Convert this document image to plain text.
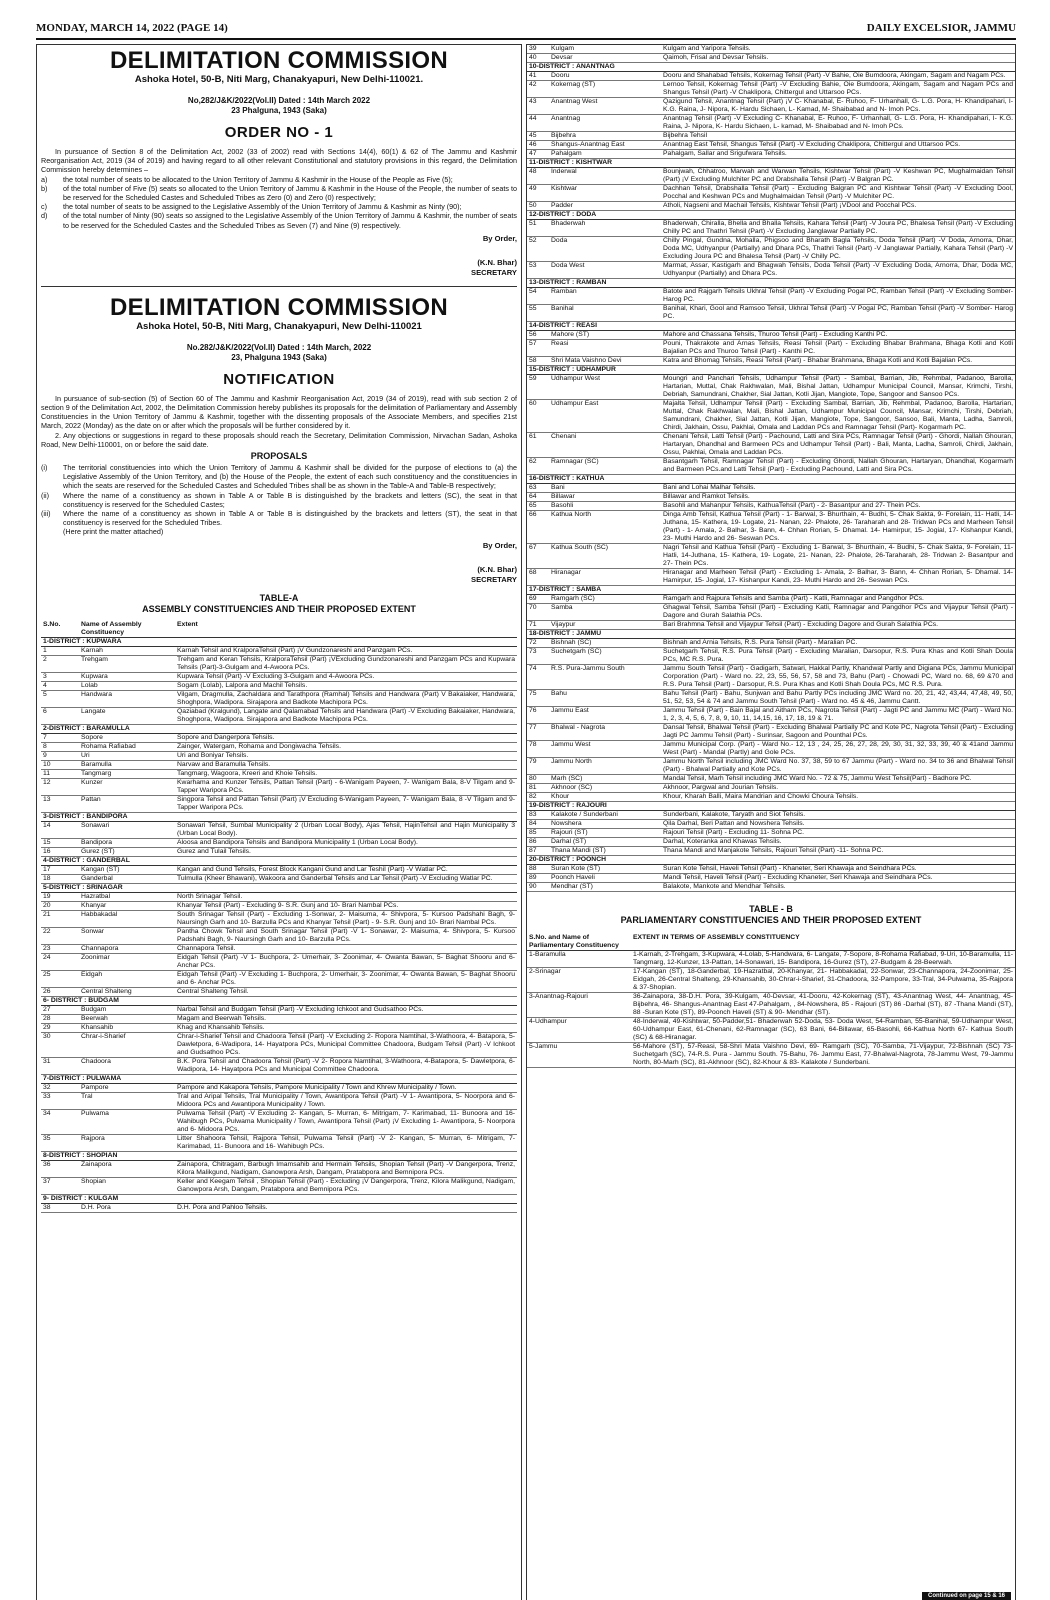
MONDAY, MARCH 14, 2022 (PAGE 14)	DAILY EXCELSIOR, JAMMU
DELIMITATION COMMISSION
Ashoka Hotel, 50-B, Niti Marg, Chanakyapuri, New Delhi-110021.
No,282/J&K/2022(Vol.II) Dated : 14th March 2022
23 Phalguna, 1943 (Saka)
ORDER NO - 1
In pursuance of Section 8 of the Delimitation Act, 2002 (33 of 2002) read with Sections 14(4), 60(1) & 62 of The Jammu and Kashmir Reorganisation Act, 2019 (34 of 2019) and having regard to all other relevant Constitutional and statutory provisions in this regard, the Delimitation Commission hereby determines –
a)	the total number of seats to be allocated to the Union Territory of Jammu & Kashmir in the House of the People as Five (5);
b)	of the total number of Five (5) seats so allocated to the Union Territory of Jammu & Kashmir in the House of the People, the number of seats to be reserved for the Scheduled Castes and Scheduled Tribes as Zero (0) and Zero (0) respectively;
c)	the total number of seats to be assigned to the Legislative Assembly of the Union Territory of Jammu & Kashmir as Ninty (90);
d)	of the total number of Ninty (90) seats so assigned to the Legislative Assembly of the Union Territory of Jammu & Kashmir, the number of seats to be reserved for the Scheduled Castes and the Scheduled Tribes as Seven (7) and Nine (9) respectively.
By Order,
(K.N. Bhar)
SECRETARY
DELIMITATION COMMISSION
Ashoka Hotel, 50-B, Niti Marg, Chanakyapuri, New Delhi-110021
No.282/J&K/2022(Vol.II) Dated : 14th March, 2022
23, Phalguna 1943 (Saka)
NOTIFICATION
In pursuance of sub-section (5) of Section 60 of The Jammu and Kashmir Reorganisation Act, 2019 (34 of 2019), read with sub section 2 of section 9 of the Delimitation Act, 2002, the Delimitation Commission hereby publishes its proposals for the delimitation of Parliamentary and Assembly Constituencies in the Union Territory of Jammu & Kashmir, together with the dissenting proposals of the Associate Members, and specifies 21st March, 2022 (Monday) as the date on or after which the proposals will be further considered by it.
2. Any objections or suggestions in regard to these proposals should reach the Secretary, Delimitation Commission, Nirvachan Sadan, Ashoka Road, New Delhi-110001, on or before the said date.
PROPOSALS
(i)	The territorial constituencies into which the Union Territory of Jammu & Kashmir shall be divided for the purpose of elections to (a) the Legislative Assembly of the Union Territory, and (b) the House of the People, the extent of each such constituency and the constituencies in which the seats are reserved for the Scheduled Castes and Scheduled Tribes shall be as shown in the Table-A and Table-B respectively;
(ii)	Where the name of a constituency as shown in Table A or Table B is distinguished by the brackets and letters (SC), the seat in that constituency is reserved for the Scheduled Castes;
(iii)	Where the name of a constituency as shown in Table A or Table B is distinguished by the brackets and letters (ST), the seat in that constituency is reserved for the Scheduled Tribes.
(Here print the matter attached)
By Order,
(K.N. Bhar)
SECRETARY
TABLE-A
ASSEMBLY CONSTITUENCIES AND THEIR PROPOSED EXTENT
S.No.	Name of Assembly Constituency	Extent
1-DISTRICT : KUPWARA		
1	Karnah	Karnah Tehsil and KralporaTehsil (Part) ¡V Gundzonareshi and Panzgam PCs.
2	Trehgam	Trehgam and Keran Tehsils, KralporaTehsil (Part) ¡VExcluding Gundzonareshi and Panzgam PCs and Kupwara Tehsils (Part)-3-Gulgam and 4-Awoora PCs.
3	Kupwara	Kupwara Tehsil (Part) -V Excluding 3-Gulgam and 4-Awoora PCs.
4	Lolab	Sogam (Lolab), Lalpora and Machil Tehsils.
5	Handwara	Vilgam, Dragmulla, Zachaldara and Tarathpora (Ramhal) Tehsils and Handwara (Part) V Bakaiaker, Handwara, Shoghpora, Wadipora. Sirajapora and Badkote Machipora PCs.
6	Langate	Qaziabad (Kralgund), Langate and Qalamabad Tehsils and Handwara (Part) -V Excluding Bakaiaker, Handwara, Shoghpora, Wadipora. Sirajapora and Badkote Machipora PCs.
2-DISTRICT : BARAMULLA		
7	Sopore	Sopore and Dangerpora Tehsils.
8	Rohama Rafiabad	Zainger, Watergam, Rohama and Dongiwacha Tehsils.
9	Uri	Uri and Boniyar Tehsils.
10	Baramulla	Narvaw and Baramulla Tehsils.
11	Tangmarg	Tangmarg, Wagoora, Kreeri and Khoie Tehsils.
12	Kunzer	Kwarhama and Kunzer Tehsils, Pattan Tehsil (Part) - 6-Wanigam Payeen, 7- Wanigam Bala, 8-V Tilgam and 9- Tapper Waripora PCs.
13	Pattan	Singpora Tehsil and Pattan Tehsil (Part) ¡V Excluding 6-Wanigam Payeen, 7- Wanigam Bala, 8 -V Tilgam and 9- Tapper Waripora PCs.
3-DISTRICT : BANDIPORA		
14	Sonawari	Sonawari Tehsil, Sumbal Municipality 2 (Urban Local Body), Ajas Tehsil, HajinTehsil and Hajin Municipality 3 (Urban Local Body).
15	Bandipora	Aloosa and Bandipora Tehsils and Bandipora Municipality 1 (Urban Local Body).
16	Gurez (ST)	Gurez and Tulail Tehsils.
4-DISTRICT : GANDERBAL		
17	Kangan (ST)	Kangan and Gund Tehsils, Forest Block Kangani Gund and Lar Teshil (Part) -V Watlar PC.
18	Ganderbal	Tulmulla (Kheer Bhawani), Wakoora and Ganderbal Tehsils and Lar Tehsil (Part) -V Excluding Watlar PC.
5-DISTRICT : SRINAGAR		
19	Hazratbal	North Srinagar Tehsil.
20	Khanyar	Khanyar Tehsil (Part) - Excluding 9- S.R. Gunj and 10- Brari Nambal PCs.
21	Habbakadal	South Srinagar Tehsil (Part) - Excluding 1-Sonwar, 2- Maisuma, 4- Shivpora, 5- Kursoo Padshahi Bagh, 9- Naursingh Garh and 10- Barzulla PCs and Khanyar Tehsil (Part) - 9- S.R. Gunj and 10- Brari Nambal PCs.
22	Sonwar	Pantha Chowk Tehsil and South Srinagar Tehsil (Part) -V 1- Sonawar, 2- Maisuma, 4- Shivpora, 5- Kursoo Padshahi Bagh, 9- Naursingh Garh and 10- Barzulla PCs.
23	Channapora	Channapora Tehsil.
24	Zoonimar	Eidgah Tehsil (Part) -V 1- Buchpora, 2- Umerhair, 3- Zoonimar, 4- Owanta Bawan, 5- Baghat Shooru and 6- Anchar PCs.
25	Eidgah	Eidgah Tehsil (Part) -V Excluding 1- Buchpora, 2- Umerhair, 3- Zoonimar, 4- Owanta Bawan, 5- Baghat Shooru and 6- Anchar PCs.
26	Central Shalteng	Central Shalteng Tehsil.
6- DISTRICT : BUDGAM		
27	Budgam	Narbal Tehsil and Budgam Tehsil (Part) -V Excluding Ichkoot and Gudsathoo PCs.
28	Beerwah	Magam and Beerwah Tehsils.
29	Khansahib	Khag and Khansahib Tehsils.
30	Chrar-i-Sharief	Chrar-i-Sharief Tehsil and Chadoora Tehsil (Part) -V Excluding 2- Ropora Namtihal, 3-Wathoora, 4- Batapora, 5- Dawletpora, 6-Wadipora, 14- Hayatpora PCs, Municipal Committee Chadoora, Budgam Tehsil (Part) -V Ichkoot and Gudsathoo PCs.
31	Chadoora	B.K. Pora Tehsil and Chadoora Tehsil (Part) -V 2- Ropora Namtihal, 3-Wathoora, 4-Batapora, 5- Dawletpora, 6-Wadipora, 14- Hayatpora PCs and Municipal Committee Chadoora.
7-DISTRICT : PULWAMA		
32	Pampore	Pampore and Kakapora Tehsils, Pampore Municipality / Town and Khrew Municipality / Town.
33	Tral	Tral and Aripal Tehsils, Tral Municipality / Town, Awantipora Tehsil (Part) -V 1- Awantipora, 5- Noorpora and 6- Midoora PCs and Awantipora Municipality / Town.
34	Pulwama	Pulwama Tehsil (Part) -V Excluding 2- Kangan, 5- Murran, 6- Mitrigam, 7- Karimabad, 11- Bunoora and 16- Wahibugh PCs, Pulwama Municipality / Town, Awantipora Tehsil (Part) ¡V Excluding 1- Awantipora, 5- Noorpora and 6- Midoora PCs.
35	Rajpora	Litter Shahoora Tehsil, Rajpora Tehsil, Pulwama Tehsil (Part) -V 2- Kangan, 5- Murran, 6- Mitrigam, 7- Karimabad, 11- Bunoora and 16- Wahibugh PCs.
8-DISTRICT : SHOPIAN		
36	Zainapora	Zainapora, Chitragam, Barbugh Imamsahib and Hermain Tehsils, Shopian Tehsil (Part) -V Dangerpora, Trenz, Kilora Malikgund, Nadigam, Ganowpora Arsh, Dangam, Pratabpora and Bemnipora PCs.
37	Shopian	Keller and Keegam Tehsil , Shopian Tehsil (Part) - Excluding ¡V Dangerpora, Trenz, Kilora Malikgund, Nadigam, Ganowpora Arsh, Dangam, Pratabpora and Bemnipora PCs.
9- DISTRICT : KULGAM		
38	D.H. Pora	D.H. Pora and Pahloo Tehsils.
39	Kulgam	Kulgam and Yaripora Tehsils.
40	Devsar	Qaimoh, Frisal and Devsar Tehsils.
10-DISTRICT : ANANTNAG		
41	Dooru	Dooru and Shahabad Tehsils, Kokernag Tehsil (Part) -V Bahie, Oie Bumdoora, Akingam, Sagam and Nagam PCs.
42	Kokernag (ST)	Lernoo Tehsil, Kokernag Tehsil (Part) -V Excluding Bahie, Oie Bumdoora, Akingam, Sagam and Nagam PCs and Shangus Tehsil (Part) -V Chaklipora, Chittergul and Uttarsoo PCs.
43	Anantnag West	Qazigund Tehsil, Anantnag Tehsil (Part) ¡V C- Khanabal, E- Ruhoo, F- Urhanhall, G- L.G. Pora, H- Khandipahari, I- K.G. Raina, J- Nipora, K- Hardu Sichaen, L- Kamad, M- Shaibabad and N- Imoh PCs.
44	Anantnag	Anantnag Tehsil (Part) -V Excluding C- Khanabal, E- Ruhoo, F- Urhanhall, G- L.G. Pora, H- Khandipahari, I- K.G. Raina, J- Nipora, K- Hardu Sichaen, L- kamad, M- Shaibabad and N- Imoh PCs.
45	Bijbehra	Bijbehra Tehsil
46	Shangus-Anantnag East	Anantnag East Tehsil, Shangus Tehsil (Part) -V Excluding Chaklipora, Chittergul and Uttarsoo PCs.
47	Pahalgam	Pahalgam, Sallar and Srigufwara Tehsils.
11-DISTRICT : KISHTWAR		
48	Inderwal	Bounjwah, Chhatroo, Marwah and Warwan Tehsils, Kishtwar Tehsil (Part) -V Keshwan PC, Mughalmaidan Tehsil (Part) ¡V Excluding Mulchiter PC and Drabshalla Tehsil (Part) -V Balgran PC.
49	Kishtwar	Dachhan Tehsil, Drabshalla Tehsil (Part) - Excluding Balgran PC and Kishtwar Tehsil (Part) -V Excluding Dool, Pocchal and Keshwan PCs and Mughalmaidan Tehsil (Part) -V Mulchiter PC.
50	Padder	Atholi, Nagseni and Machail Tehsils, Kishtwar Tehsil (Part) ¡VDool and Pocchal PCs.
12-DISTRICT : DODA		
51	Bhaderwah	Bhaderwah, Chiralla, Bhella and Bhalla Tehsils, Kahara Tehsil (Part) -V Joura PC, Bhalesa Tehsil (Part) -V Excluding Chilly PC and Thathri Tehsil (Part) -V Excluding Janglawar Partially PC.
52	Doda	Chilly Pingal, Gundna, Mohalla, Phigsoo and Bharath Bagla Tehsils, Doda Tehsil (Part) -V Doda, Arnorra, Dhar, Doda MC, Udhyanpur (Partially) and Dhara PCs, Thathri Tehsil (Part) -V Janglawar Partially, Kahara Tehsil (Part) -V Excluding Joura PC and Bhalesa Tehsil (Part) -V Chilly PC.
53	Doda West	Marmat, Assar, Kastigarh and Bhagwah Tehsils, Doda Tehsil (Part) -V Excluding Doda, Arnorra, Dhar, Doda MC, Udhyanpur (Partially) and Dhara PCs.
13-DISTRICT : RAMBAN		
54	Ramban	Batote and Rajgarh Tehsils Ukhral Tehsil (Part) -V Excluding Pogal PC, Ramban Tehsil (Part) -V Excluding Somber- Harog PC.
55	Banihal	Banihal, Khari, Gool and Ramsoo Tehsil, Ukhral Tehsil (Part) -V Pogal PC, Ramban Tehsil (Part) -V Somber- Harog PC.
14-DISTRICT : REASI		
56	Mahore (ST)	Mahore and Chassana Tehsils, Thuroo Tehsil (Part) - Excluding Kanthi PC.
57	Reasi	Pouni, Thakrakote and Arnas Tehsils, Reasi Tehsil (Part) - Excluding Bhabar Brahmana, Bhaga Kotli and Kotli Bajalian PCs and Thuroo Tehsil (Part) - Kanthi PC.
58	Shri Mata Vaishno Devi	Katra and Bhomag Tehsils, Reasi Tehsil (Part) - Bhabar Brahmana, Bhaga Kotli and Kotli Bajalian PCs.
15-DISTRICT : UDHAMPUR		
59	Udhampur West	Moungri and Panchari Tehsils, Udhampur Tehsil (Part) - Sambal, Barrian, Jib, Rehmbal, Padanoo, Barolla, Hartarian, Muttal, Chak Rakhwalan, Mali, Bishal Jattan, Udhampur Municipal Council, Mansar, Krimchi, Tirshi, Debriah, Samundrani, Chakher, Sial Jattan, Kotli Jijan, Mangiote, Tope, Sangoor and Sansoo PCs.
60	Udhampur East	Majalta Tehsil, Udhampur Tehsil (Part) - Excluding Sambal, Barrian, Jib, Rehmbal, Padanoo, Barolla, Hartarian, Muttal, Chak Rakhwalan, Mali, Bishal Jattan, Udhampur Municipal Council, Mansar, Krimchi, Tirshi, Debriah, Samundrani, Chakher, Sial Jattan, Kotli Jijan, Mangiote, Tope, Sangoor, Sansoo, Bali, Manta, Ladha, Samroli, Chirdi, Jakhain, Ossu, Pakhlai, Omala and Laddan PCs and Ramnagar Tehsil (Part)- Kogarmarh PC.
61	Chenani	Chenani Tehsil, Latti Tehsil (Part) - Pachound, Latti and Sira PCs, Ramnagar Tehsil (Part) - Ghordi, Nallah Ghouran, Hartaryan, Dhandhal and Barmeen PCs and Udhampur Tehsil (Part) - Bali, Manta, Ladha, Samroli, Chirdi, Jakhain, Ossu, Pakhlai, Omala and Laddan PCs.
62	Ramnagar (SC)	Basantgarh Tehsil, Ramnagar Tehsil (Part) - Excluding Ghordi, Nallah Ghouran, Hartaryan, Dhandhal, Kogarmarh and Barmeen PCs.and Latti Tehsil (Part) - Excluding Pachound, Latti and Sira PCs.
16-DISTRICT : KATHUA		
63	Bani	Bani and Lohai Malhar Tehsils.
64	Billawar	Billawar and Ramkot Tehsils.
65	Basohli	Basohli and Mahanpur Tehsils, KathuaTehsil (Part) - 2- Basantpur and 27- Thein PCs.
66	Kathua North	Dinga Amb Tehsil, Kathua Tehsil (Part) - 1- Barwal, 3- Bhurthain, 4- Budhi, 5- Chak Sakta, 9- Forelain, 11- Hatli, 14-Juthana, 15- Kathera, 19- Logate, 21- Nanan, 22- Phalote, 26- Taraharah and 28- Tridwan PCs and Marheen Tehsil (Part) - 1- Amala, 2- Balhar, 3- Bann, 4- Chhan Rorian, 5- Dhamal. 14- Hamirpur, 15- Jogial, 17- Kishanpur Kandi, 23- Muthi Hardo and 26- Seswan PCs.
67	Kathua South (SC)	Nagri Tehsil and Kathua Tehsil (Part) - Excluding 1- Barwal, 3- Bhurthain, 4- Budhi, 5- Chak Sakta, 9- Forelain, 11- Hatli, 14-Juthana, 15- Kathera, 19- Logate, 21- Nanan, 22- Phalote, 26-Taraharah, 28- Tridwan 2- Basantpur and 27- Thein PCs.
68	Hiranagar	Hiranagar and Marheen Tehsil (Part) - Excluding 1- Amala, 2- Balhar, 3- Bann, 4- Chhan Rorian, 5- Dhamal. 14- Hamirpur, 15- Jogial, 17- Kishanpur Kandi, 23- Muthi Hardo and 26- Seswan PCs.
17-DISTRICT : SAMBA		
69	Ramgarh (SC)	Ramgarh and Rajpura Tehsils and Samba (Part) - Katli, Ramnagar and Pangdhor PCs.
70	Samba	Ghagwal Tehsil, Samba Tehsil (Part) - Excluding Katli, Ramnagar and Pangdhor PCs and Vijaypur Tehsil (Part) - Dagore and Gurah Salathia PCs.
71	Vijaypur	Bari Brahmna Tehsil and Vijaypur Tehsil (Part) - Excluding Dagore and Gurah Salathia PCs.
18-DISTRICT : JAMMU		
72	Bishnah (SC)	Bishnah and Arnia Tehsils, R.S. Pura Tehsil (Part) - Maralian PC.
73	Suchetgarh (SC)	Suchetgarh Tehsil, R.S. Pura Tehsil (Part) - Excluding Maralian, Darsopur, R.S. Pura Khas and Kotli Shah Doula PCs, MC R.S. Pura.
74	R.S. Pura-Jammu South	Jammu South Tehsil (Part) - Gadigarh, Satwari, Hakkal Partly, Khandwal Partly and Digiana PCs, Jammu Municipal Corporation (Part) - Ward no. 22, 23, 55, 56, 57, 58 and 73, Bahu (Part) - Chowadi PC, Ward no. 68, 69 &70 and R.S. Pura Tehsil (Part) - Darsopur, R.S. Pura Khas and Kotli Shah Doula PCs, MC R.S. Pura.
75	Bahu	Bahu Tehsil (Part) - Bahu, Sunjwan and Bahu Partly PCs including JMC Ward no. 20, 21, 42, 43,44, 47,48, 49, 50, 51, 52, 53, 54 & 74 and Jammu South Tehsil (Part) - Ward no. 45 & 46, Jammu Cantt.
76	Jammu East	Jammu Tehsil (Part) - Bain Bajal and Aitham PCs, Nagrota Tehsil (Part) - Jagti PC and Jammu MC (Part) - Ward No. 1, 2, 3, 4, 5, 6, 7, 8, 9, 10, 11, 14,15, 16, 17, 18, 19 & 71.
77	Bhalwal - Nagrota	Dansal Tehsil, Bhalwal Tehsil (Part) - Excluding Bhalwal Partially PC and Kote PC, Nagrota Tehsil (Part) - Excluding Jagti PC Jammu Tehsil (Part) - Surinsar, Sagoon and Pounthal PCs.
78	Jammu West	Jammu Municipal Corp. (Part) - Ward No.- 12, 13 , 24, 25, 26, 27, 28, 29, 30, 31, 32, 33, 39, 40 & 41and Jammu West (Part) - Mandal (Partly) and Gole PCs.
79	Jammu North	Jammu North Tehsil including JMC Ward No. 37, 38, 59 to 67 Jammu (Part) - Ward no. 34 to 36 and Bhalwal Tehsil (Part) - Bhalwal Partially and Kote PCs.
80	Marh (SC)	Mandal Tehsil, Marh Tehsil including JMC Ward No. - 72 & 75, Jammu West Tehsil(Part) - Badhore PC.
81	Akhnoor (SC)	Akhnoor, Pargwal and Jourian Tehsils.
82	Khour	Khour, Kharah Balli, Maira Mandrian and Chowki Choura Tehsils.
19-DISTRICT : RAJOURI		
83	Kalakote / Sunderbani	Sunderbani, Kalakote, Taryath and Siot Tehsils.
84	Nowshera	Qila Darhal, Beri Pattan and Nowshera Tehsils.
85	Rajouri (ST)	Rajouri Tehsil (Part) - Excluding 11- Sohna PC.
86	Darhal (ST)	Darhal, Koteranka and Khawas Tehsils.
87	Thana Mandi (ST)	Thana Mandi and Manjakote Tehsils, Rajouri Tehsil (Part) -11- Sohna PC.
20-DISTRICT : POONCH		
88	Suran Kote (ST)	Suran Kote Tehsil, Haveli Tehsil (Part) - Khaneter, Seri Khawaja and Seindhara PCs.
89	Poonch Haveli	Mandi Tehsil, Haveli Tehsil (Part) - Excluding Khaneter, Seri Khawaja and Seindhara PCs.
90	Mendhar (ST)	Balakote, Mankote and Mendhar Tehsils.
TABLE - B
PARLIAMENTARY CONSTITUENCIES AND THEIR PROPOSED EXTENT
S.No. and Name of Parliamentary Constituency	EXTENT IN TERMS OF ASSEMBLY CONSTITUENCY
1-Baramulla	1-Karnah, 2-Trehgam, 3-Kupwara, 4-Lolab, 5-Handwara, 6- Langate, 7-Sopore, 8-Rohama Rafiabad, 9-Uri, 10-Baramulla, 11-Tangmarg, 12-Kunzer, 13-Pattan, 14-Sonawari, 15- Bandipora, 16-Gurez (ST), 27-Budgam & 28-Beerwah.
2-Srinagar	17-Kangan (ST), 18-Ganderbal, 19-Hazratbal, 20-Khanyar, 21- Habbakadal, 22-Sonwar, 23-Channapora, 24-Zoonimar, 25- Eidgah, 26-Central Shalteng, 29-Khansahib, 30-Chrar-i-Sharief, 31-Chadoora, 32-Pampore, 33-Tral, 34-Pulwama, 35-Rajpora & 37-Shopian.
3-Anantnag-Rajouri	36-Zainapora, 38-D.H. Pora, 39-Kulgam, 40-Devsar, 41-Dooru, 42-Kokernag (ST), 43-Anantnag West, 44- Anantnag, 45- Bijbehra, 46- Shangus-Anantnag East 47-Pahalgam, , 84-Nowshera, 85 - Rajouri (ST) 86 -Darhal (ST), 87 -Thana Mandi (ST), 88 -Suran Kote (ST), 89-Poonch Haveli (ST) & 90- Mendhar (ST).
4-Udhampur	48-Inderwal, 49-Kishtwar, 50-Padder,51- Bhaderwah 52-Doda, 53- Doda West, 54-Ramban, 55-Banihal, 59-Udhampur West, 60-Udhampur East, 61-Chenani, 62-Ramnagar (SC), 63 Bani, 64-Billawar, 65-Basohli, 66-Kathua North 67- Kathua South (SC) & 68-Hiranagar.
5-Jammu	56-Mahore (ST), 57-Reasi, 58-Shri Mata Vaishno Devi, 69- Ramgarh (SC), 70-Samba, 71-Vijaypur, 72-Bishnah (SC) 73- Suchetgarh (SC), 74-R.S. Pura - Jammu South. 75-Bahu, 76- Jammu East, 77-Bhalwal-Nagrota, 78-Jammu West, 79-Jammu North, 80-Marh (SC), 81-Akhnoor (SC), 82-Khour & 83- Kalakote / Sunderbani.
Continued on page 15 & 16
